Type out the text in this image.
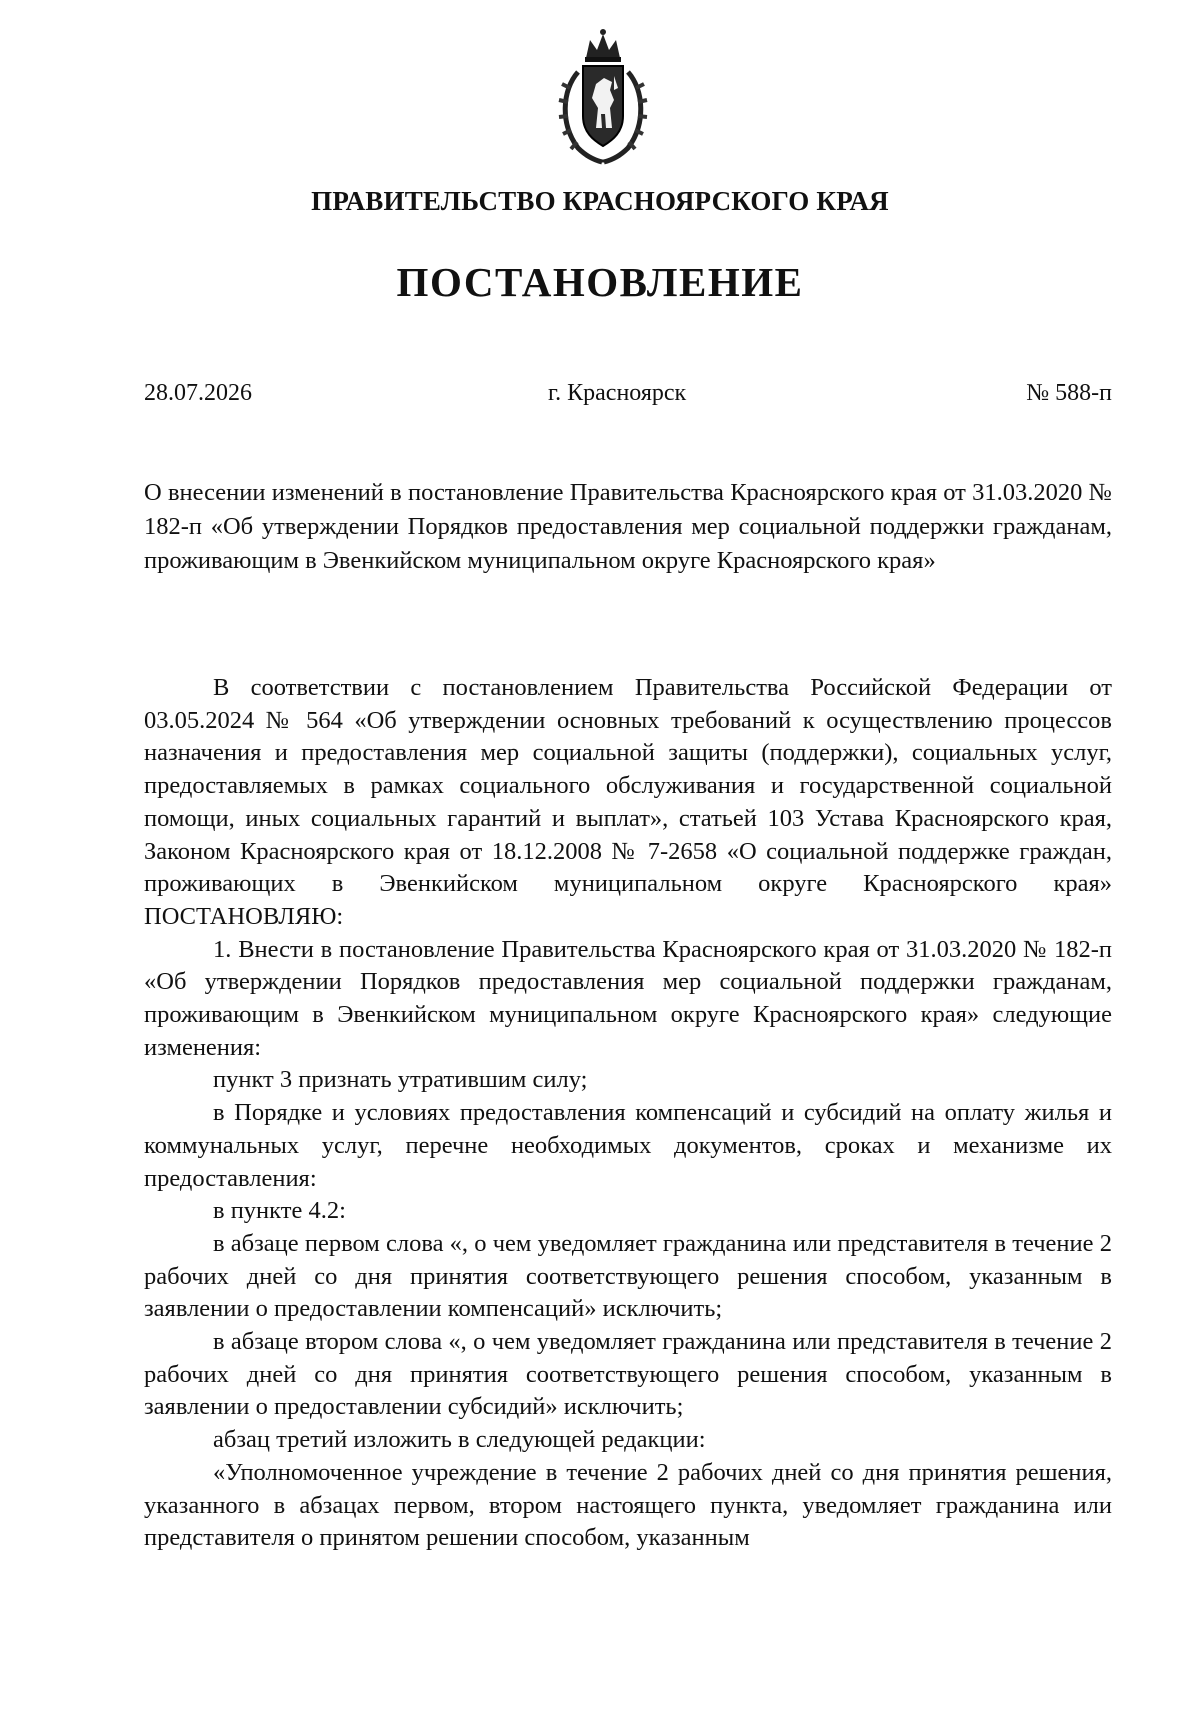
ПРАВИТЕЛЬСТВО КРАСНОЯРСКОГО КРАЯ
ПОСТАНОВЛЕНИЕ
28.07.2026	г. Красноярск	№ 588-п

О внесении изменений в постановление Правительства Красноярского края от 31.03.2020 № 182-п «Об утверждении Порядков предоставления мер социальной поддержки гражданам, проживающим в Эвенкийском муниципальном округе Красноярского края»

В соответствии с постановлением Правительства Российской Федерации от 03.05.2024 № 564 «Об утверждении основных требований к осуществлению процессов назначения и предоставления мер социальной защиты (поддержки), социальных услуг, предоставляемых в рамках социального обслуживания и государственной социальной помощи, иных социальных гарантий и выплат», статьей 103 Устава Красноярского края, Законом Красноярского края от 18.12.2008 № 7-2658 «О социальной поддержке граждан, проживающих в Эвенкийском муниципальном округе Красноярского края» ПОСТАНОВЛЯЮ:

1. Внести в постановление Правительства Красноярского края от 31.03.2020 № 182-п «Об утверждении Порядков предоставления мер социальной поддержки гражданам, проживающим в Эвенкийском муниципальном округе Красноярского края» следующие изменения:

пункт 3 признать утратившим силу;

в Порядке и условиях предоставления компенсаций и субсидий на оплату жилья и коммунальных услуг, перечне необходимых документов, сроках и механизме их предоставления:

в пункте 4.2:

в абзаце первом слова «, о чем уведомляет гражданина или представителя в течение 2 рабочих дней со дня принятия соответствующего решения способом, указанным в заявлении о предоставлении компенсаций» исключить;

в абзаце втором слова «, о чем уведомляет гражданина или представителя в течение 2 рабочих дней со дня принятия соответствующего решения способом, указанным в заявлении о предоставлении субсидий» исключить;

абзац третий изложить в следующей редакции:

«Уполномоченное учреждение в течение 2 рабочих дней со дня принятия решения, указанного в абзацах первом, втором настоящего пункта, уведомляет гражданина или представителя о принятом решении способом, указанным
